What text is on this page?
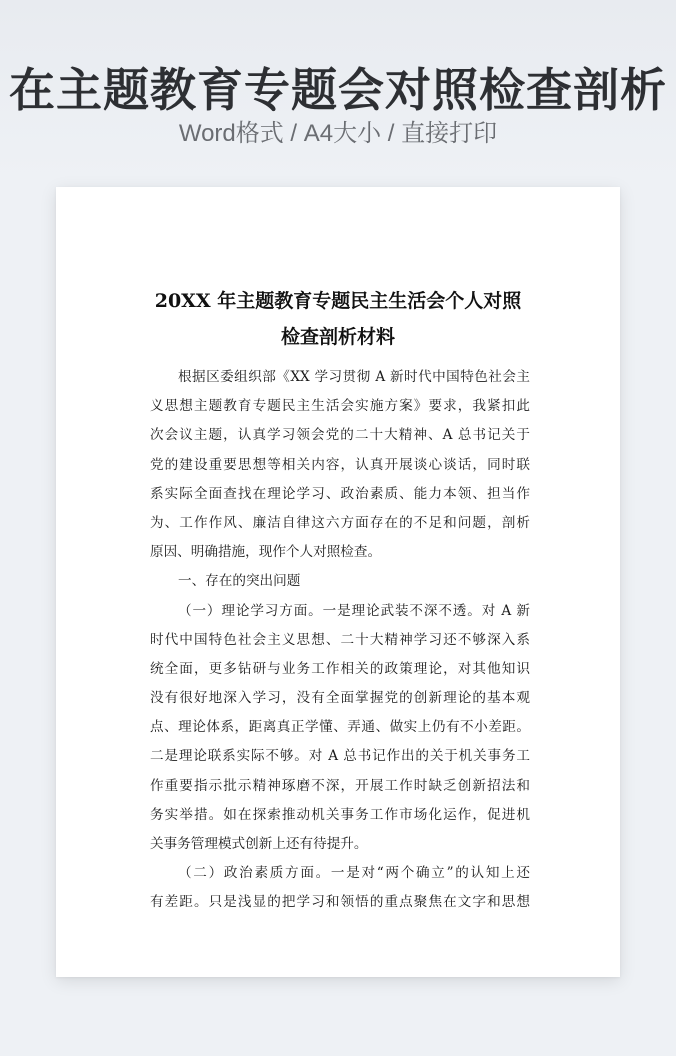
在主题教育专题会对照检查剖析
Word格式 / A4大小 / 直接打印
20XX 年主题教育专题民主生活会个人对照
检查剖析材料
根据区委组织部《XX 学习贯彻 A 新时代中国特色社会主
义思想主题教育专题民主生活会实施方案》要求，我紧扣此
次会议主题，认真学习领会党的二十大精神、A 总书记关于
党的建设重要思想等相关内容，认真开展谈心谈话，同时联
系实际全面查找在理论学习、政治素质、能力本领、担当作
为、工作作风、廉洁自律这六方面存在的不足和问题，剖析
原因、明确措施，现作个人对照检查。
一、存在的突出问题
（一）理论学习方面。一是理论武装不深不透。对 A 新
时代中国特色社会主义思想、二十大精神学习还不够深入系
统全面，更多钻研与业务工作相关的政策理论，对其他知识
没有很好地深入学习，没有全面掌握党的创新理论的基本观
点、理论体系，距离真正学懂、弄通、做实上仍有不小差距。
二是理论联系实际不够。对 A 总书记作出的关于机关事务工
作重要指示批示精神琢磨不深，开展工作时缺乏创新招法和
务实举措。如在探索推动机关事务工作市场化运作，促进机
关事务管理模式创新上还有待提升。
（二）政治素质方面。一是对“两个确立”的认知上还
有差距。只是浅显的把学习和领悟的重点聚焦在文字和思想
